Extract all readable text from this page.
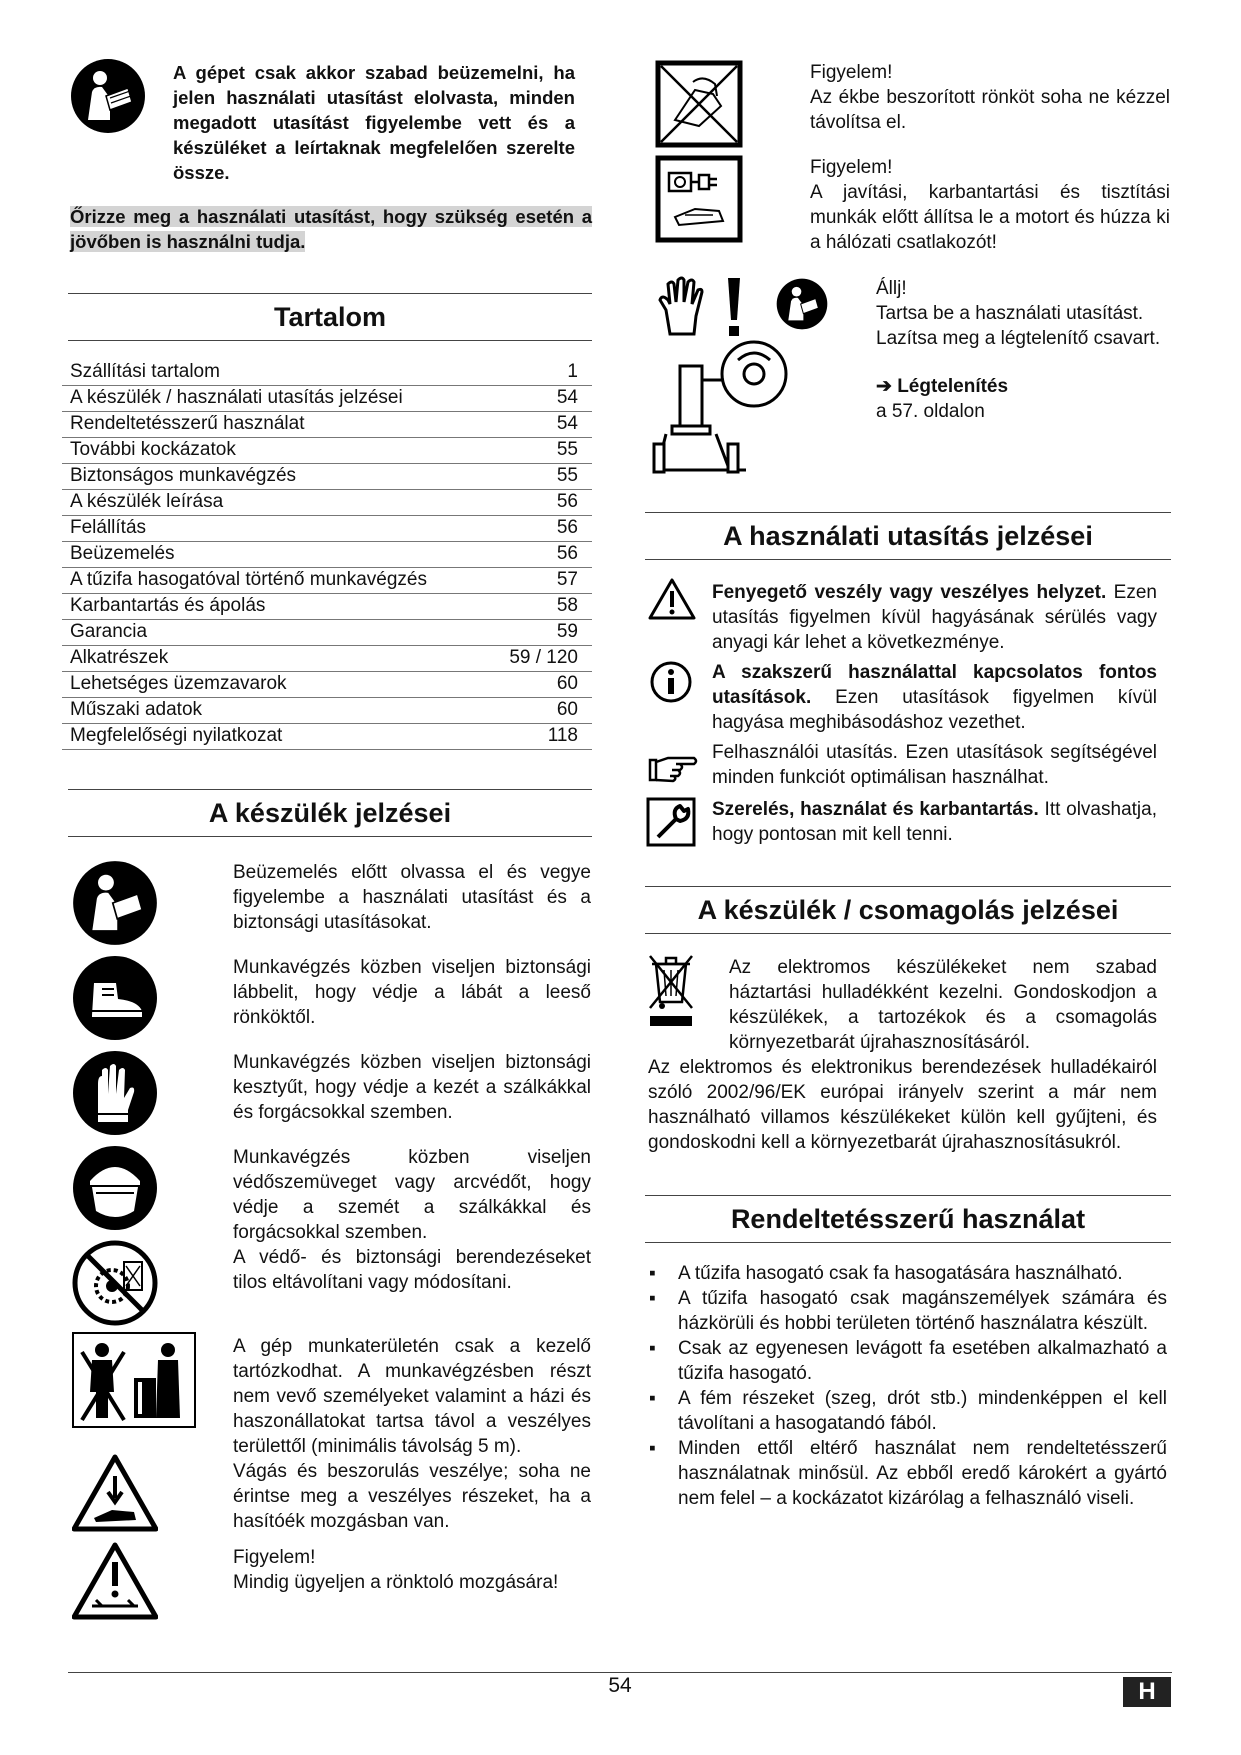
A gépet csak akkor szabad beüzemelni, ha jelen használati utasítást elolvasta, minden megadott utasítást figyelembe vett és a készüléket a leírtaknak megfelelően szerelte össze.
Őrizze meg a használati utasítást, hogy szükség esetén a jövőben is használni tudja.
Tartalom
Szállítási tartalom	1
A készülék / használati utasítás jelzései	54
Rendeltetésszerű használat	54
További kockázatok	55
Biztonságos munkavégzés	55
A készülék leírása	56
Felállítás	56
Beüzemelés	56
A tűzifa hasogatóval történő munkavégzés	57
Karbantartás és ápolás	58
Garancia	59
Alkatrészek	59 / 120
Lehetséges üzemzavarok	60
Műszaki adatok	60
Megfelelőségi nyilatkozat	118
A készülék jelzései
Beüzemelés előtt olvassa el és vegye figyelembe a használati utasítást és a biztonsági utasításokat.
Munkavégzés közben viseljen biztonsági lábbelit, hogy védje a lábát a leeső rönköktől.
Munkavégzés közben viseljen biztonsági kesztyűt, hogy védje a kezét a szálkákkal és forgácsokkal szemben.
Munkavégzés közben viseljen védőszemüveget vagy arcvédőt, hogy védje a szemét a szálkákkal és forgácsokkal szemben.
A védő- és biztonsági berendezéseket tilos eltávolítani vagy módosítani.
A gép munkaterületén csak a kezelő tartózkodhat. A munkavégzésben részt nem vevő személyeket valamint a házi és haszonállatokat tartsa távol a veszélyes területtől (minimális távolság 5 m).
Vágás és beszorulás veszélye; soha ne érintse meg a veszélyes részeket, ha a hasítóék mozgásban van.
Figyelem!
Mindig ügyeljen a rönktoló mozgására!
Figyelem!
Az ékbe beszorított rönköt soha ne kézzel távolítsa el.
Figyelem!
A javítási, karbantartási és tisztítási munkák előtt állítsa le a motort és húzza ki a hálózati csatlakozót!
Állj!
Tartsa be a használati utasítást.
Lazítsa meg a légtelenítő csavart.
➔ Légtelenítés
a 57. oldalon
A használati utasítás jelzései
Fenyegető veszély vagy veszélyes helyzet. Ezen utasítás figyelmen kívül hagyásának sérülés vagy anyagi kár lehet a következménye.
A szakszerű használattal kapcsolatos fontos utasítások. Ezen utasítások figyelmen kívül hagyása meghibásodáshoz vezethet.
Felhasználói utasítás. Ezen utasítások segítségével minden funkciót optimálisan használhat.
Szerelés, használat és karbantartás. Itt olvashatja, hogy pontosan mit kell tenni.
A készülék / csomagolás jelzései
Az elektromos készülékeket nem szabad háztartási hulladékként kezelni. Gondoskodjon a készülékek, a tartozékok és a csomagolás környezetbarát újrahasznosításáról.
Az elektromos és elektronikus berendezések hulladékairól szóló 2002/96/EK európai irányelv szerint a már nem használható villamos készülékeket külön kell gyűjteni, és gondoskodni kell a környezetbarát újrahasznosításukról.
Rendeltetésszerű használat
▪ A tűzifa hasogató csak fa hasogatására használható.
▪ A tűzifa hasogató csak magánszemélyek számára és házkörüli és hobbi területen történő használatra készült.
▪ Csak az egyenesen levágott fa esetében alkalmazható a tűzifa hasogató.
▪ A fém részeket (szeg, drót stb.) mindenképpen el kell távolítani a hasogatandó fából.
▪ Minden ettől eltérő használat nem rendeltetésszerű használatnak minősül. Az ebből eredő károkért a gyártó nem felel – a kockázatot kizárólag a felhasználó viseli.
54	H
